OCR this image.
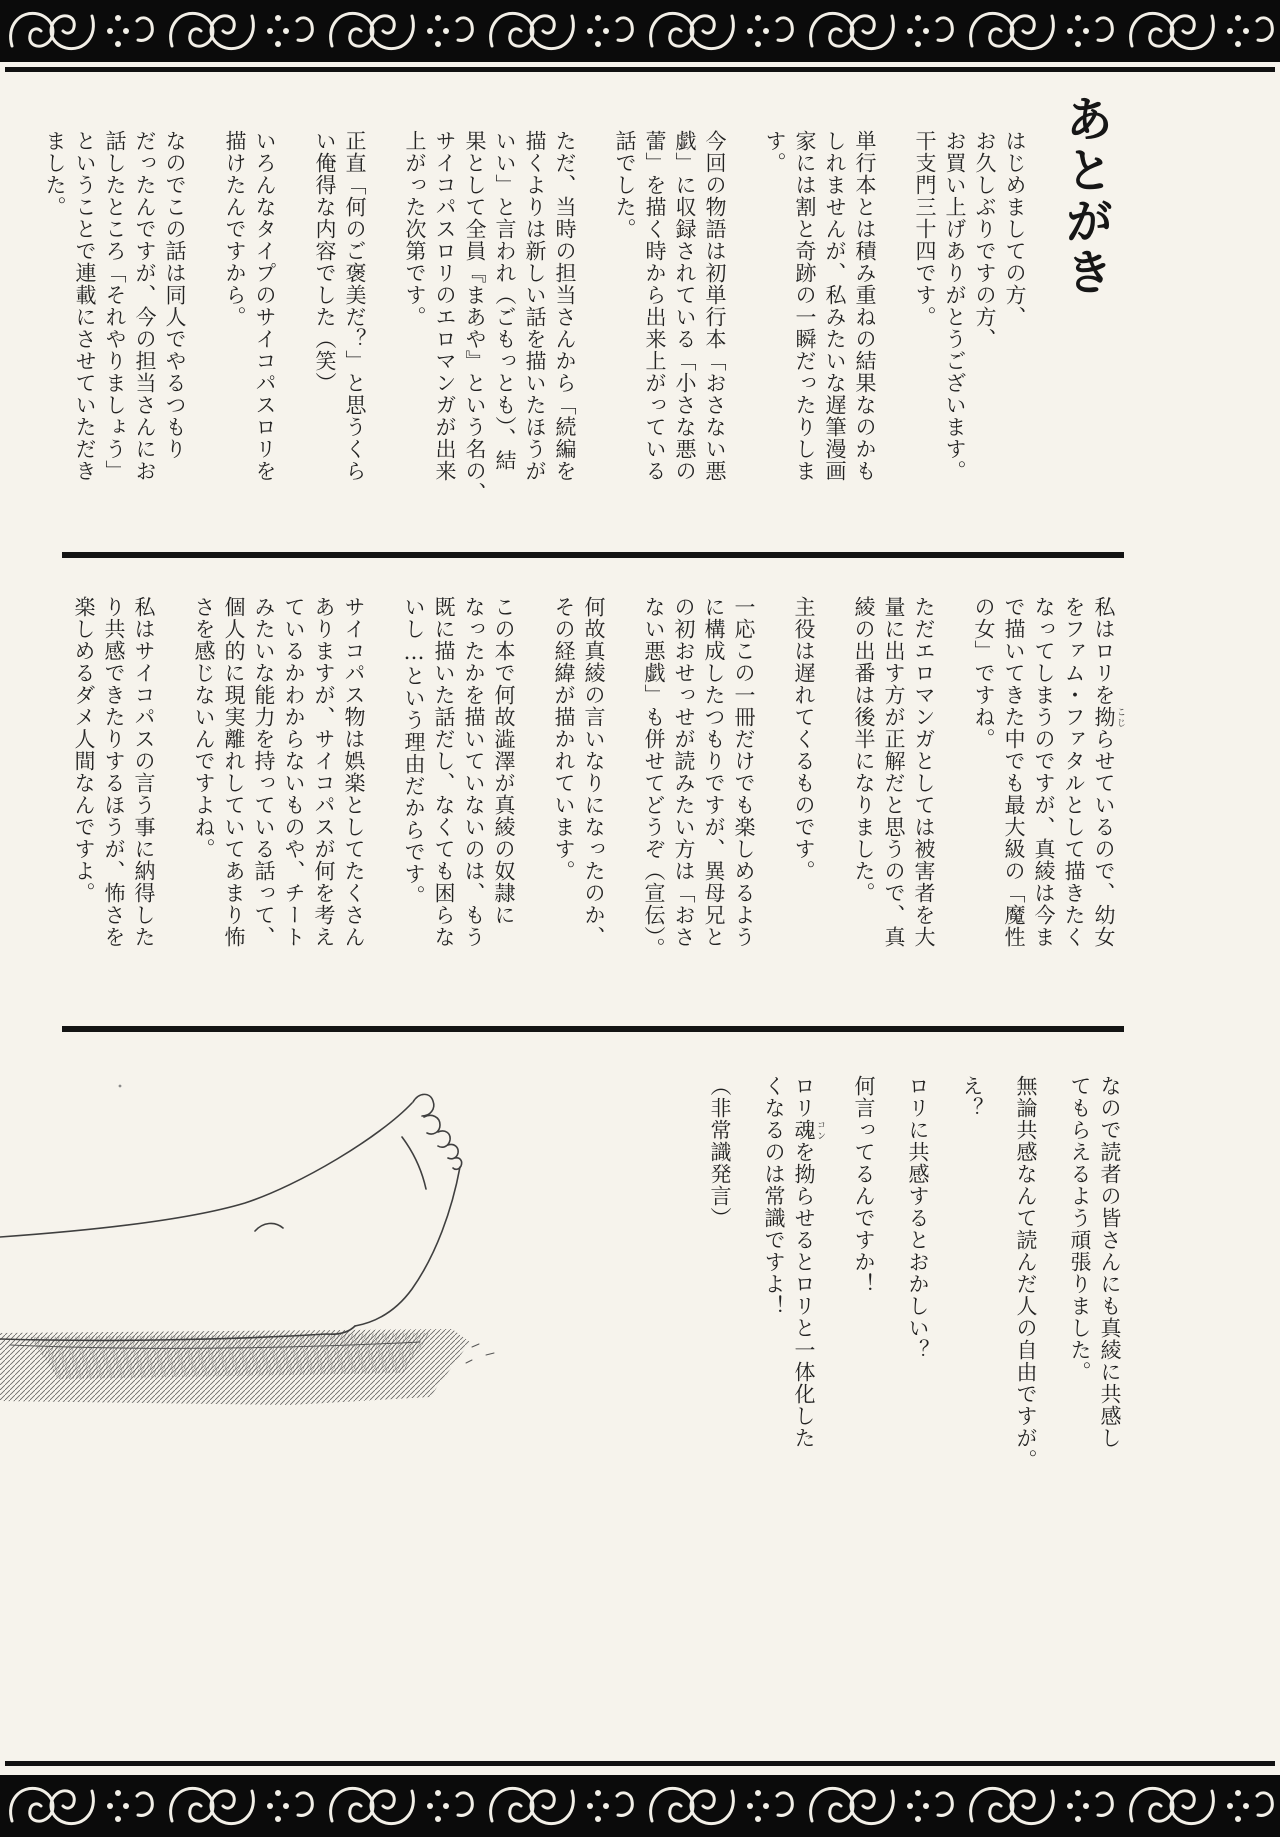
あとがき
はじめましての方、
お久しぶりですの方、
お買い上げありがとうございます。
干支門三十四です。
単行本とは積み重ねの結果なのかも
しれませんが、私みたいな遅筆漫画
家には割と奇跡の一瞬だったりしま
す。
今回の物語は初単行本「おさない悪
戯」に収録されている「小さな悪の
蕾」を描く時から出来上がっている
話でした。
ただ、当時の担当さんから「続編を
描くよりは新しい話を描いたほうが
いい」と言われ（ごもっとも）、結
果として全員『まあや』という名の、
サイコパスロリのエロマンガが出来
上がった次第です。
正直「何のご褒美だ？」と思うくら
い俺得な内容でした（笑）
いろんなタイプのサイコパスロリを
描けたんですから。
なのでこの話は同人でやるつもり
だったんですが、今の担当さんにお
話したところ「それやりましょう」
ということで連載にさせていただき
ました。
私はロリを拗 こじらせているので、幼女
をファム・ファタルとして描きたく
なってしまうのですが、真綾は今ま
で描いてきた中でも最大級の「魔性
の女」ですね。
ただエロマンガとしては被害者を大
量に出す方が正解だと思うので、真
綾の出番は後半になりました。
主役は遅れてくるものです。
一応この一冊だけでも楽しめるよう
に構成したつもりですが、異母兄と
の初おせっせが読みたい方は「おさ
ない悪戯」も併せてどうぞ（宣伝）。
何故真綾の言いなりになったのか、
その経緯が描かれています。
この本で何故澁澤が真綾の奴隷に
なったかを描いていないのは、もう
既に描いた話だし、なくても困らな
いし…という理由だからです。
サイコパス物は娯楽としてたくさん
ありますが、サイコパスが何を考え
ているかわからないものや、チート
みたいな能力を持っている話って、
個人的に現実離れしていてあまり怖
さを感じないんですよね。
私はサイコパスの言う事に納得した
り共感できたりするほうが、怖さを
楽しめるダメ人間なんですよ。
なので読者の皆さんにも真綾に共感し
てもらえるよう頑張りました。
無論共感なんて読んだ人の自由ですが。
え？
ロリに共感するとおかしい？
何言ってるんですか！
ロリ魂 コンを拗らせるとロリと一体化した
くなるのは常識ですよ！
（非常識発言）
